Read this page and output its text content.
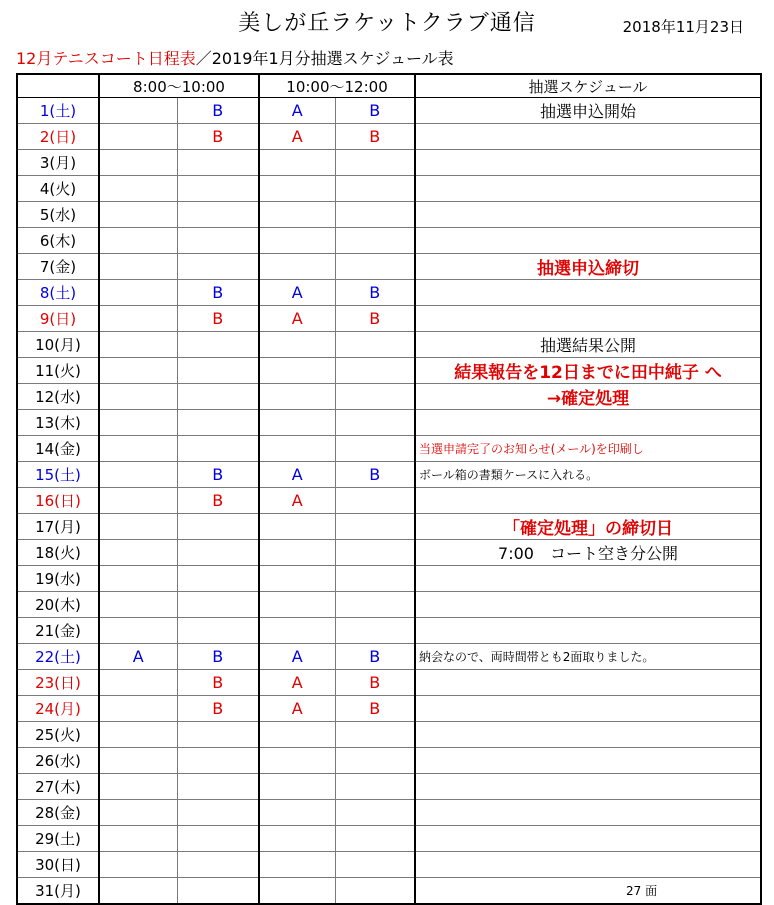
美しが丘ラケットクラブ通信	2018年11月23日
12月テニスコート日程表／2019年1月分抽選スケジュール表
	8:00〜10:00		10:00〜12:00		抽選スケジュール
1(土)		B	A	B	抽選申込開始
2(日)		B	A	B	
3(月)					
4(火)					
5(水)					
6(木)					
7(金)					抽選申込締切
8(土)		B	A	B	
9(日)		B	A	B	
10(月)					抽選結果公開
11(火)					結果報告を12日までに田中純子 へ
12(水)					→確定処理
13(木)					
14(金)					当選申請完了のお知らせ(メール)を印刷し
15(土)		B	A	B	ボール箱の書類ケースに入れる。
16(日)		B	A		
17(月)					「確定処理」の締切日
18(火)					7:00　コート空き分公開
19(水)					
20(木)					
21(金)					
22(土)	A	B	A	B	納会なので、両時間帯とも2面取りました。
23(日)		B	A	B	
24(月)		B	A	B	
25(火)					
26(水)					
27(木)					
28(金)					
29(土)					
30(日)					
31(月)					27 面
